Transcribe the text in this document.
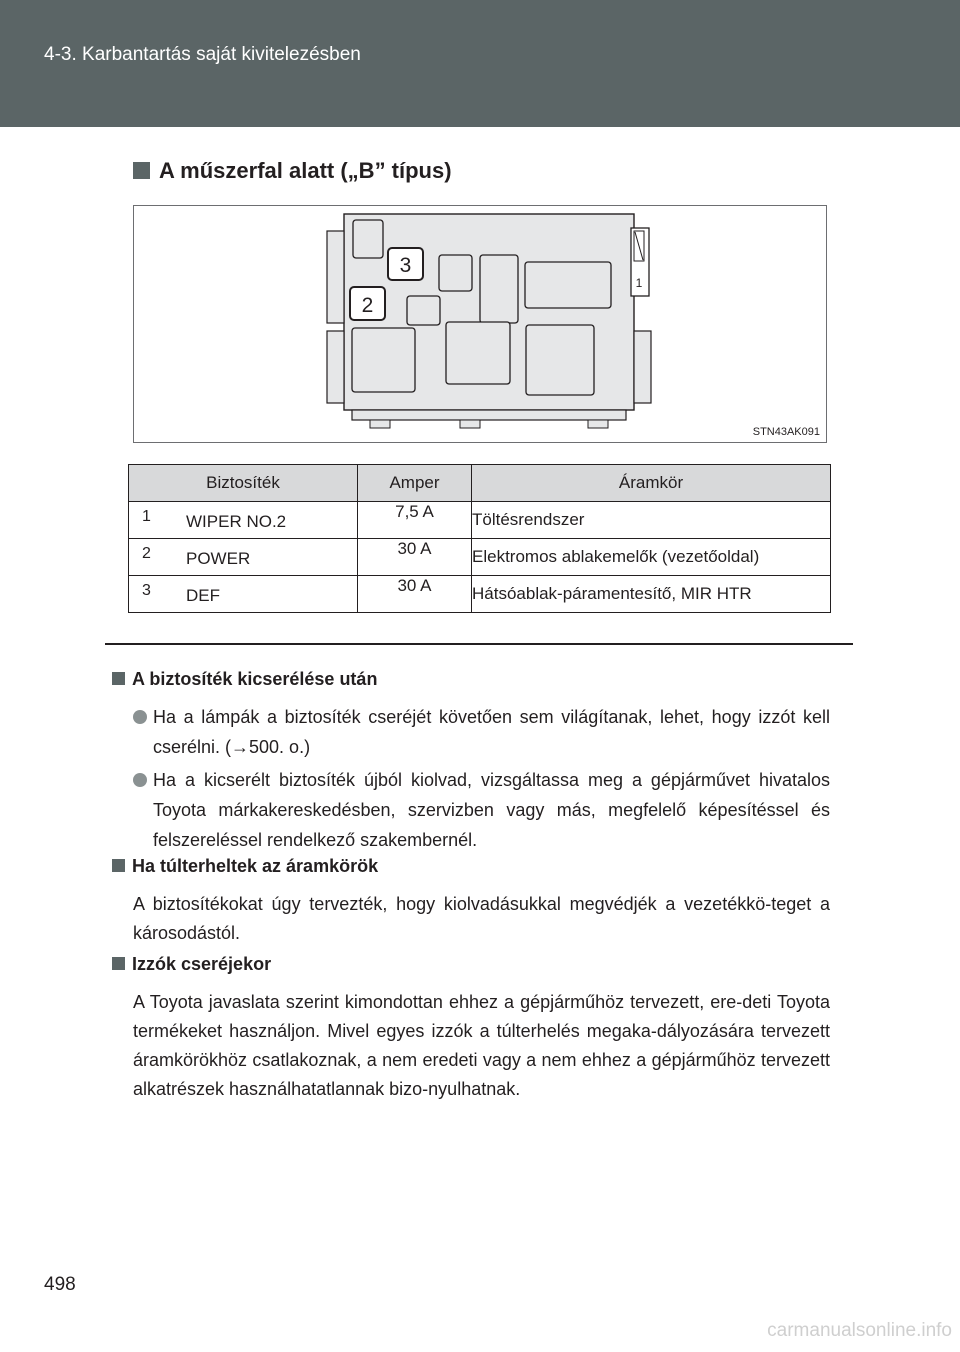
4-3. Karbantartás saját kivitelezésben
A műszerfal alatt („B” típus)
3
2
1
STN43AK091
Biztosíték	Amper	Áramkör

1 WIPER NO.2	7,5 A	Töltésrendszer

2 POWER	30 A	Elektromos ablakemelők (vezetőoldal)

3 DEF	30 A	Hátsóablak-páramentesítő, MIR HTR
A biztosíték kicserélése után
Ha a lámpák a biztosíték cseréjét követően sem világítanak, lehet, hogy izzót kell cserélni. (→500. o.)
Ha a kicserélt biztosíték újból kiolvad, vizsgáltassa meg a gépjárművet hivatalos Toyota márkakereskedésben, szervizben vagy más, megfelelő képesítéssel és felszereléssel rendelkező szakembernél.
Ha túlterheltek az áramkörök
A biztosítékokat úgy tervezték, hogy kiolvadásukkal megvédjék a vezetékkö-teget a károsodástól.
Izzók cseréjekor
A Toyota javaslata szerint kimondottan ehhez a gépjárműhöz tervezett, ere-deti Toyota termékeket használjon. Mivel egyes izzók a túlterhelés megaka-dályozására tervezett áramkörökhöz csatlakoznak, a nem eredeti vagy a nem ehhez a gépjárműhöz tervezett alkatrészek használhatatlannak bizo-nyulhatnak.
498
carmanualsonline.info
